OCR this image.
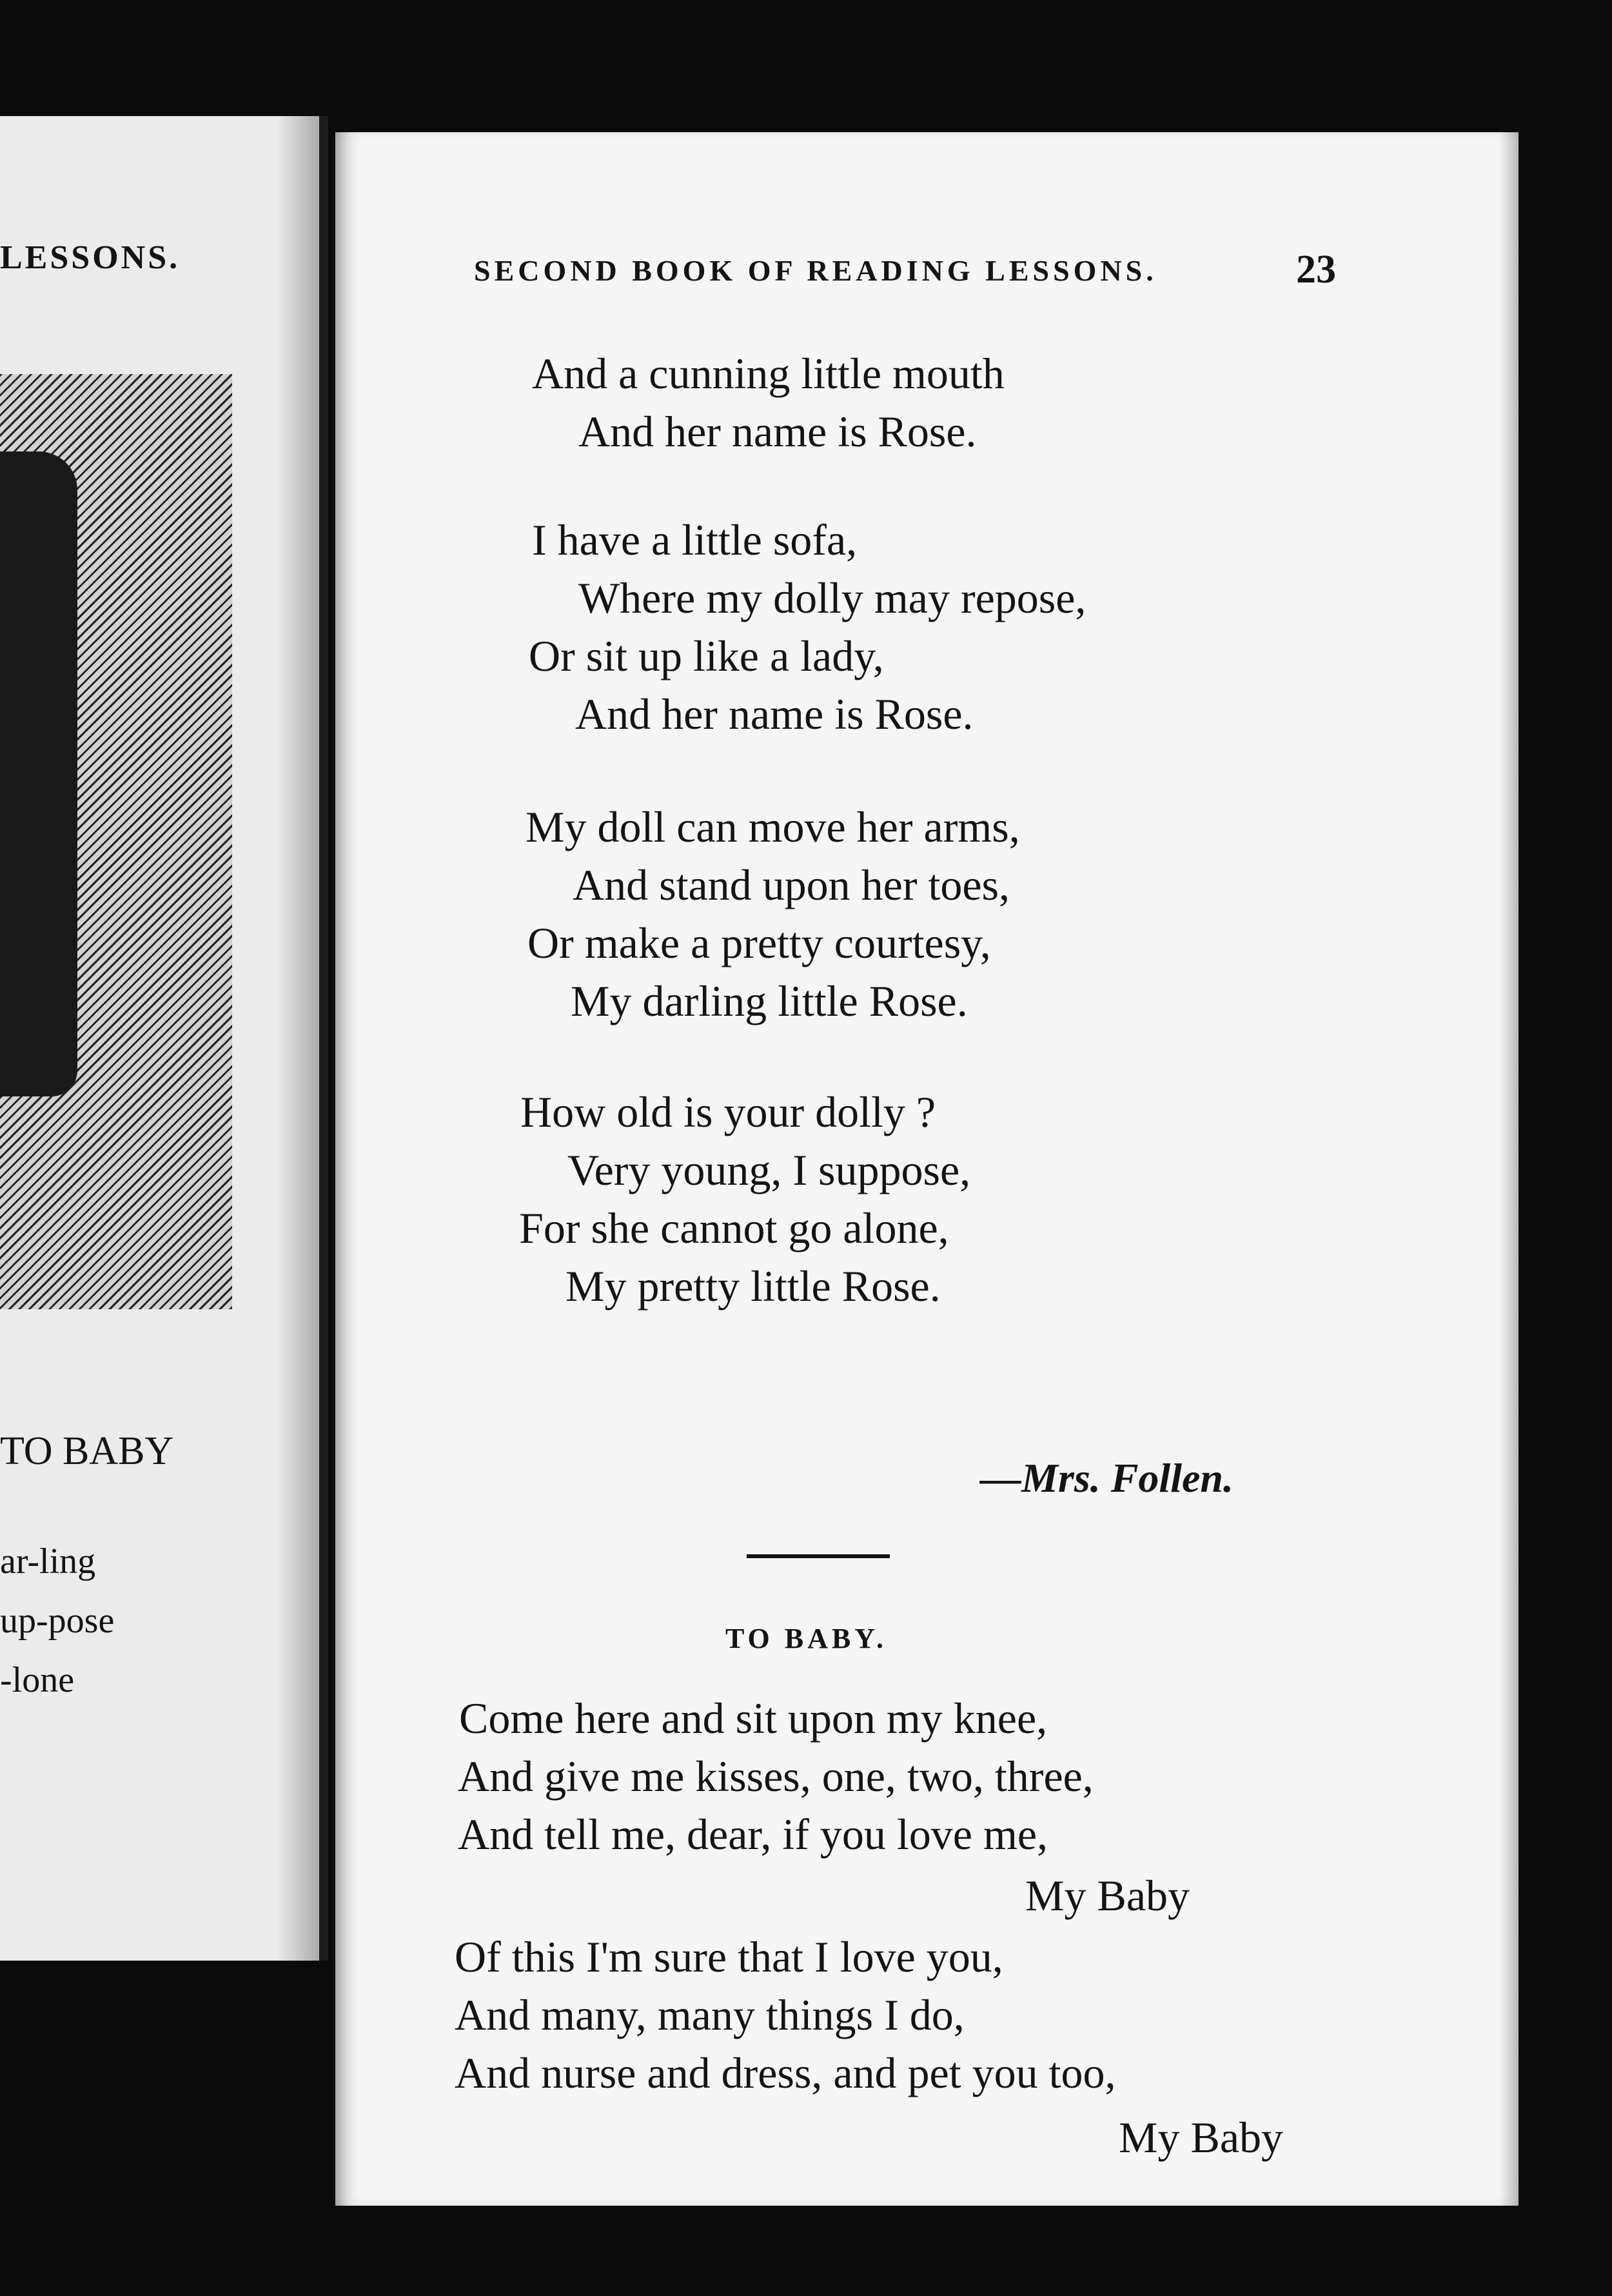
LESSONS.
TO BABY
ar-ling
up-pose
-lone
SECOND BOOK OF READING LESSONS.	23
And a cunning little mouth
And her name is Rose.
I have a little sofa,
Where my dolly may repose,
Or sit up like a lady,
And her name is Rose.
My doll can move her arms,
And stand upon her toes,
Or make a pretty courtesy,
My darling little Rose.
How old is your dolly ?
Very young, I suppose,
For she cannot go alone,
My pretty little Rose.
—Mrs. Follen.
TO BABY.
Come here and sit upon my knee,
And give me kisses, one, two, three,
And tell me, dear, if you love me,
My Baby
Of this I'm sure that I love you,
And many, many things I do,
And nurse and dress, and pet you too,
My Baby
